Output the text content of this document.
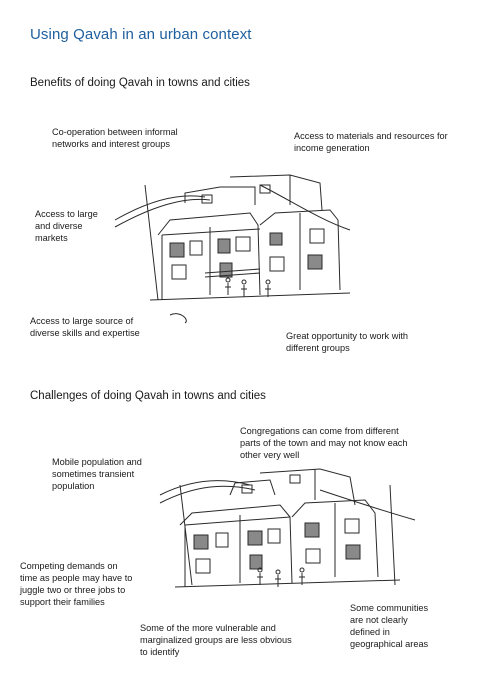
Using Qavah in an urban context
Benefits of doing Qavah in towns and cities
Co-operation between informal networks and interest groups
Access to materials and resources for income generation
Access to large and diverse markets
Access to large source of diverse skills and expertise	Great opportunity to work with different groups
Challenges of doing Qavah in towns and cities
Congregations can come from different parts of the town and may not know each other very well
Mobile population and sometimes transient population
Competing demands on time as people may have to juggle two or three jobs to support their families
Some of the more vulnerable and marginalized groups are less obvious to identify
Some communities are not clearly defined in geographical areas
